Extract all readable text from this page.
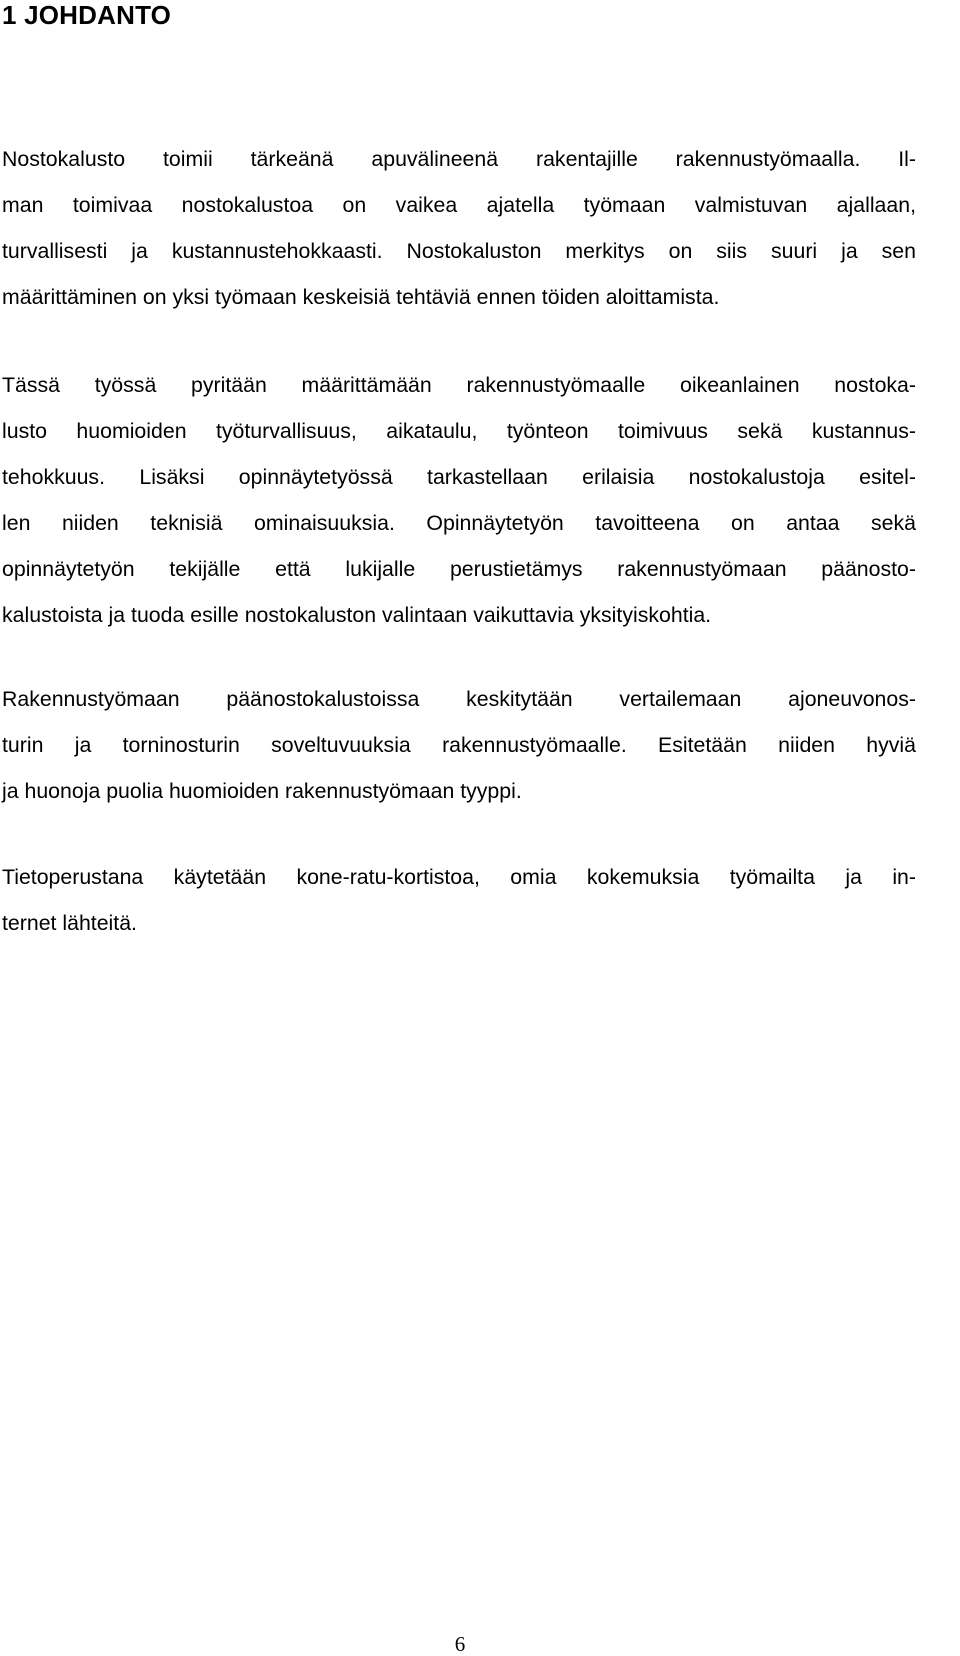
1 JOHDANTO
Nostokalusto toimii tärkeänä apuvälineenä rakentajille rakennustyömaalla. Il-
man toimivaa nostokalustoa on vaikea ajatella työmaan valmistuvan ajallaan,
turvallisesti ja kustannustehokkaasti. Nostokaluston merkitys on siis suuri ja sen
määrittäminen on yksi työmaan keskeisiä tehtäviä ennen töiden aloittamista.
Tässä työssä pyritään määrittämään rakennustyömaalle oikeanlainen nostoka-
lusto huomioiden työturvallisuus, aikataulu, työnteon toimivuus sekä kustannus-
tehokkuus. Lisäksi opinnäytetyössä tarkastellaan erilaisia nostokalustoja esitel-
len niiden teknisiä ominaisuuksia. Opinnäytetyön tavoitteena on antaa sekä
opinnäytetyön tekijälle että lukijalle perustietämys rakennustyömaan päänosto-
kalustoista ja tuoda esille nostokaluston valintaan vaikuttavia yksityiskohtia.
Rakennustyömaan päänostokalustoissa keskitytään vertailemaan ajoneuvonos-
turin ja torninosturin soveltuvuuksia rakennustyömaalle. Esitetään niiden hyviä
ja huonoja puolia huomioiden rakennustyömaan tyyppi.
Tietoperustana käytetään kone-ratu-kortistoa, omia kokemuksia työmailta ja in-
ternet lähteitä.

6
